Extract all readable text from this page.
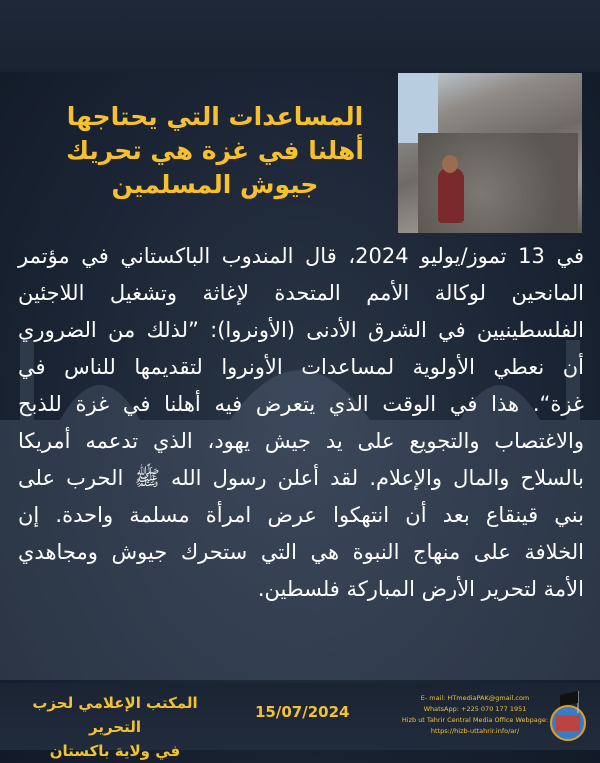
المساعدات التي يحتاجها
أهلنا في غزة هي تحريك
جيوش المسلمين
في 13 تموز/يوليو 2024، قال المندوب الباكستاني في مؤتمر
المانحين لوكالة الأمم المتحدة لإغاثة وتشغيل اللاجئين
الفلسطينيين في الشرق الأدنى (الأونروا): ”لذلك من الضروري
أن نعطي الأولوية لمساعدات الأونروا لتقديمها للناس في
غزة“. هذا في الوقت الذي يتعرض فيه أهلنا في غزة للذبح
والاغتصاب والتجويع على يد جيش يهود، الذي تدعمه أمريكا
بالسلاح والمال والإعلام. لقد أعلن رسول الله ﷺ الحرب على
بني قينقاع بعد أن انتهكوا عرض امرأة مسلمة واحدة. إن
الخلافة على منهاج النبوة هي التي ستحرك جيوش ومجاهدي
الأمة لتحرير الأرض المباركة فلسطين.
المكتب الإعلامي لحزب التحرير
في ولاية باكستان
15/07/2024
E- mail: HTmediaPAK@gmail.com
WhatsApp: +225 070 177 1951
Hizb ut Tahrir Central Media Office Webpage:
https://hizb-uttahrir.info/ar/
